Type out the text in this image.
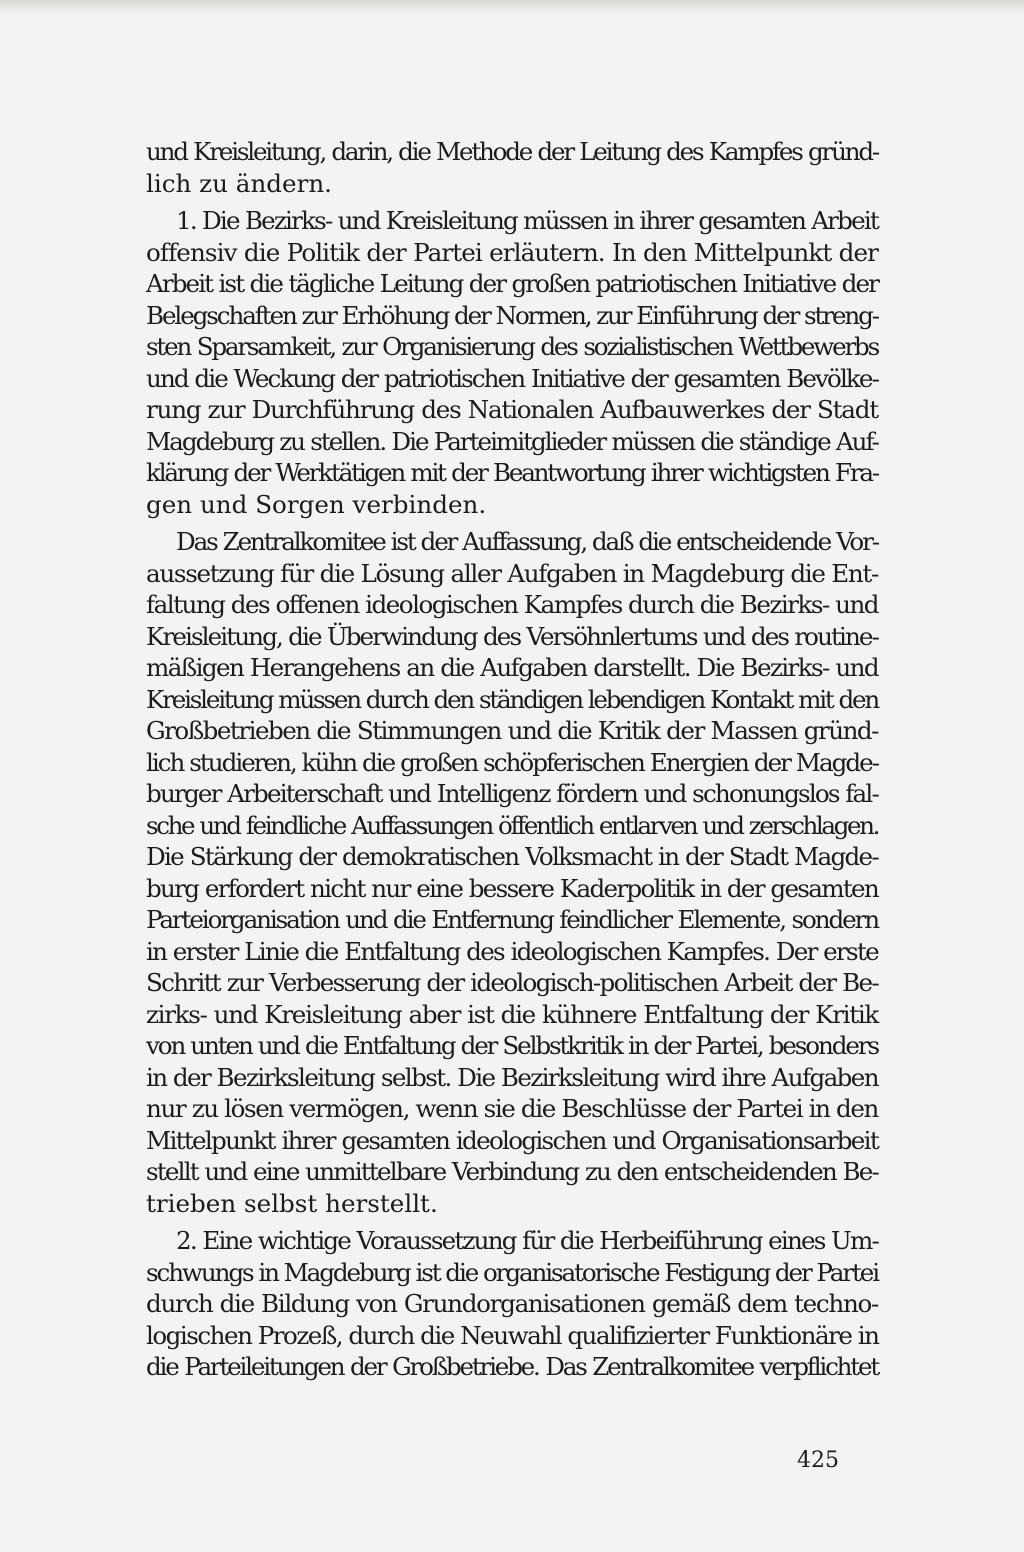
und Kreisleitung, darin, die Methode der Leitung des Kampfes gründ-
lich zu ändern.
1. Die Bezirks- und Kreisleitung müssen in ihrer gesamten Arbeit
offensiv die Politik der Partei erläutern. In den Mittelpunkt der
Arbeit ist die tägliche Leitung der großen patriotischen Initiative der
Belegschaften zur Erhöhung der Normen, zur Einführung der streng-
sten Sparsamkeit, zur Organisierung des sozialistischen Wettbewerbs
und die Weckung der patriotischen Initiative der gesamten Bevölke-
rung zur Durchführung des Nationalen Aufbauwerkes der Stadt
Magdeburg zu stellen. Die Parteimitglieder müssen die ständige Auf-
klärung der Werktätigen mit der Beantwortung ihrer wichtigsten Fra-
gen und Sorgen verbinden.
Das Zentralkomitee ist der Auffassung, daß die entscheidende Vor-
aussetzung für die Lösung aller Aufgaben in Magdeburg die Ent-
faltung des offenen ideologischen Kampfes durch die Bezirks- und
Kreisleitung, die Überwindung des Versöhnlertums und des routine-
mäßigen Herangehens an die Aufgaben darstellt. Die Bezirks- und
Kreisleitung müssen durch den ständigen lebendigen Kontakt mit den
Großbetrieben die Stimmungen und die Kritik der Massen gründ-
lich studieren, kühn die großen schöpferischen Energien der Magde-
burger Arbeiterschaft und Intelligenz fördern und schonungslos fal-
sche und feindliche Auffassungen öffentlich entlarven und zerschlagen.
Die Stärkung der demokratischen Volksmacht in der Stadt Magde-
burg erfordert nicht nur eine bessere Kaderpolitik in der gesamten
Parteiorganisation und die Entfernung feindlicher Elemente, sondern
in erster Linie die Entfaltung des ideologischen Kampfes. Der erste
Schritt zur Verbesserung der ideologisch-politischen Arbeit der Be-
zirks- und Kreisleitung aber ist die kühnere Entfaltung der Kritik
von unten und die Entfaltung der Selbstkritik in der Partei, besonders
in der Bezirksleitung selbst. Die Bezirksleitung wird ihre Aufgaben
nur zu lösen vermögen, wenn sie die Beschlüsse der Partei in den
Mittelpunkt ihrer gesamten ideologischen und Organisationsarbeit
stellt und eine unmittelbare Verbindung zu den entscheidenden Be-
trieben selbst herstellt.
2. Eine wichtige Voraussetzung für die Herbeiführung eines Um-
schwungs in Magdeburg ist die organisatorische Festigung der Partei
durch die Bildung von Grundorganisationen gemäß dem techno-
logischen Prozeß, durch die Neuwahl qualifizierter Funktionäre in
die Parteileitungen der Großbetriebe. Das Zentralkomitee verpflichtet
425
